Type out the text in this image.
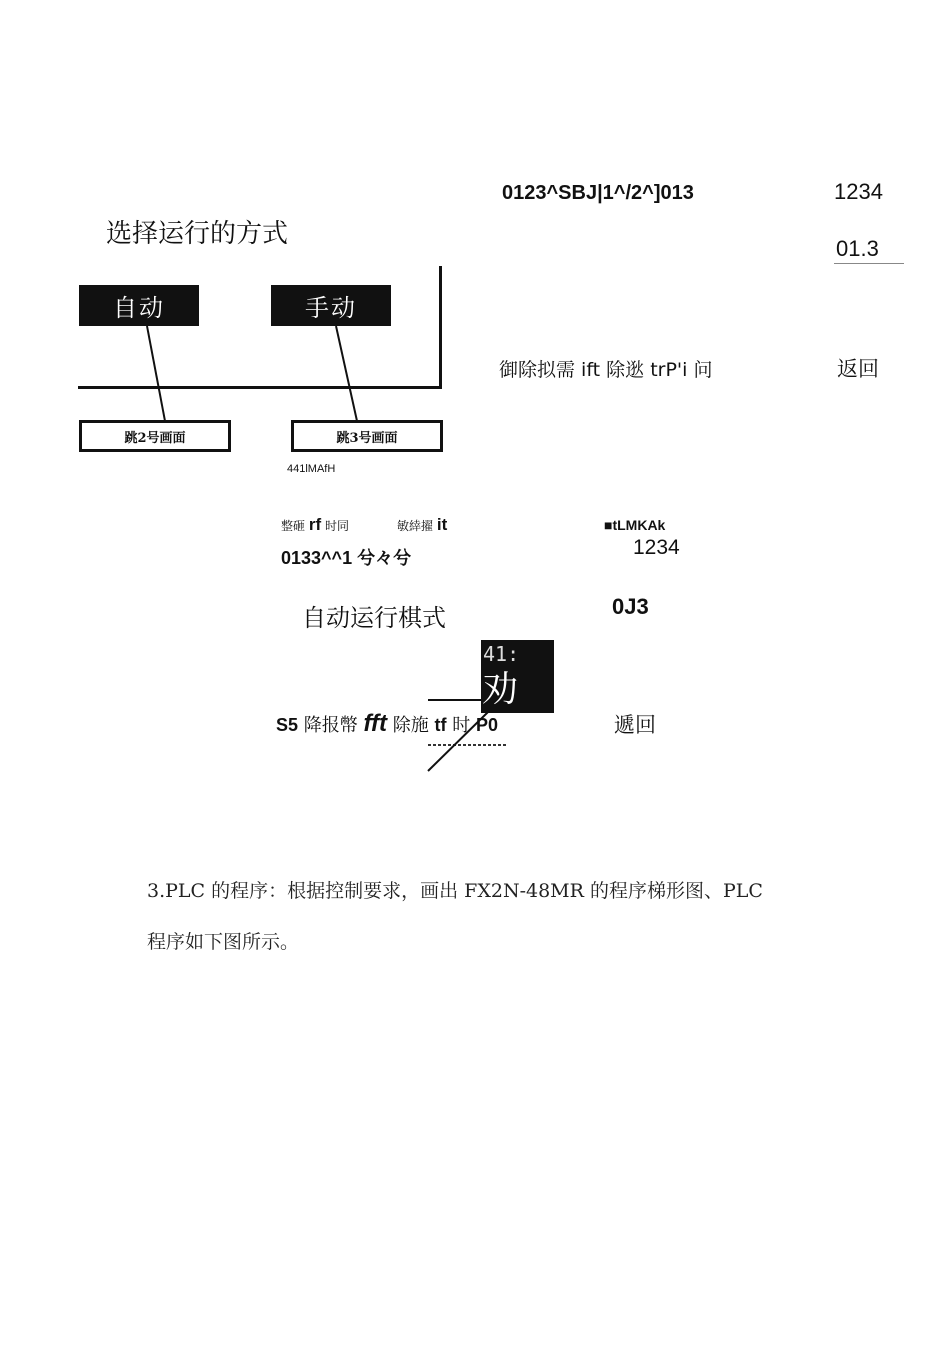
0123^SBJ|1^/2^]013	1234
选择运行的方式	01.3
自动	手动
跳2号画面	跳3号画面
441lMAfH
御除拟需 ift 除逖 trP'i 问	返回
整砸 rf 时同	敏緈擢 it	■tLMKAk
0133^^1 兮々兮	1234
自动运行棋式	0J3
41:
劝
S5 降报幣 fft 除施 tf 时 P0	遞回
3.PLC 的程序：根据控制要求，画出 FX2N-48MR 的程序梯形图、PLC
程序如下图所示。
